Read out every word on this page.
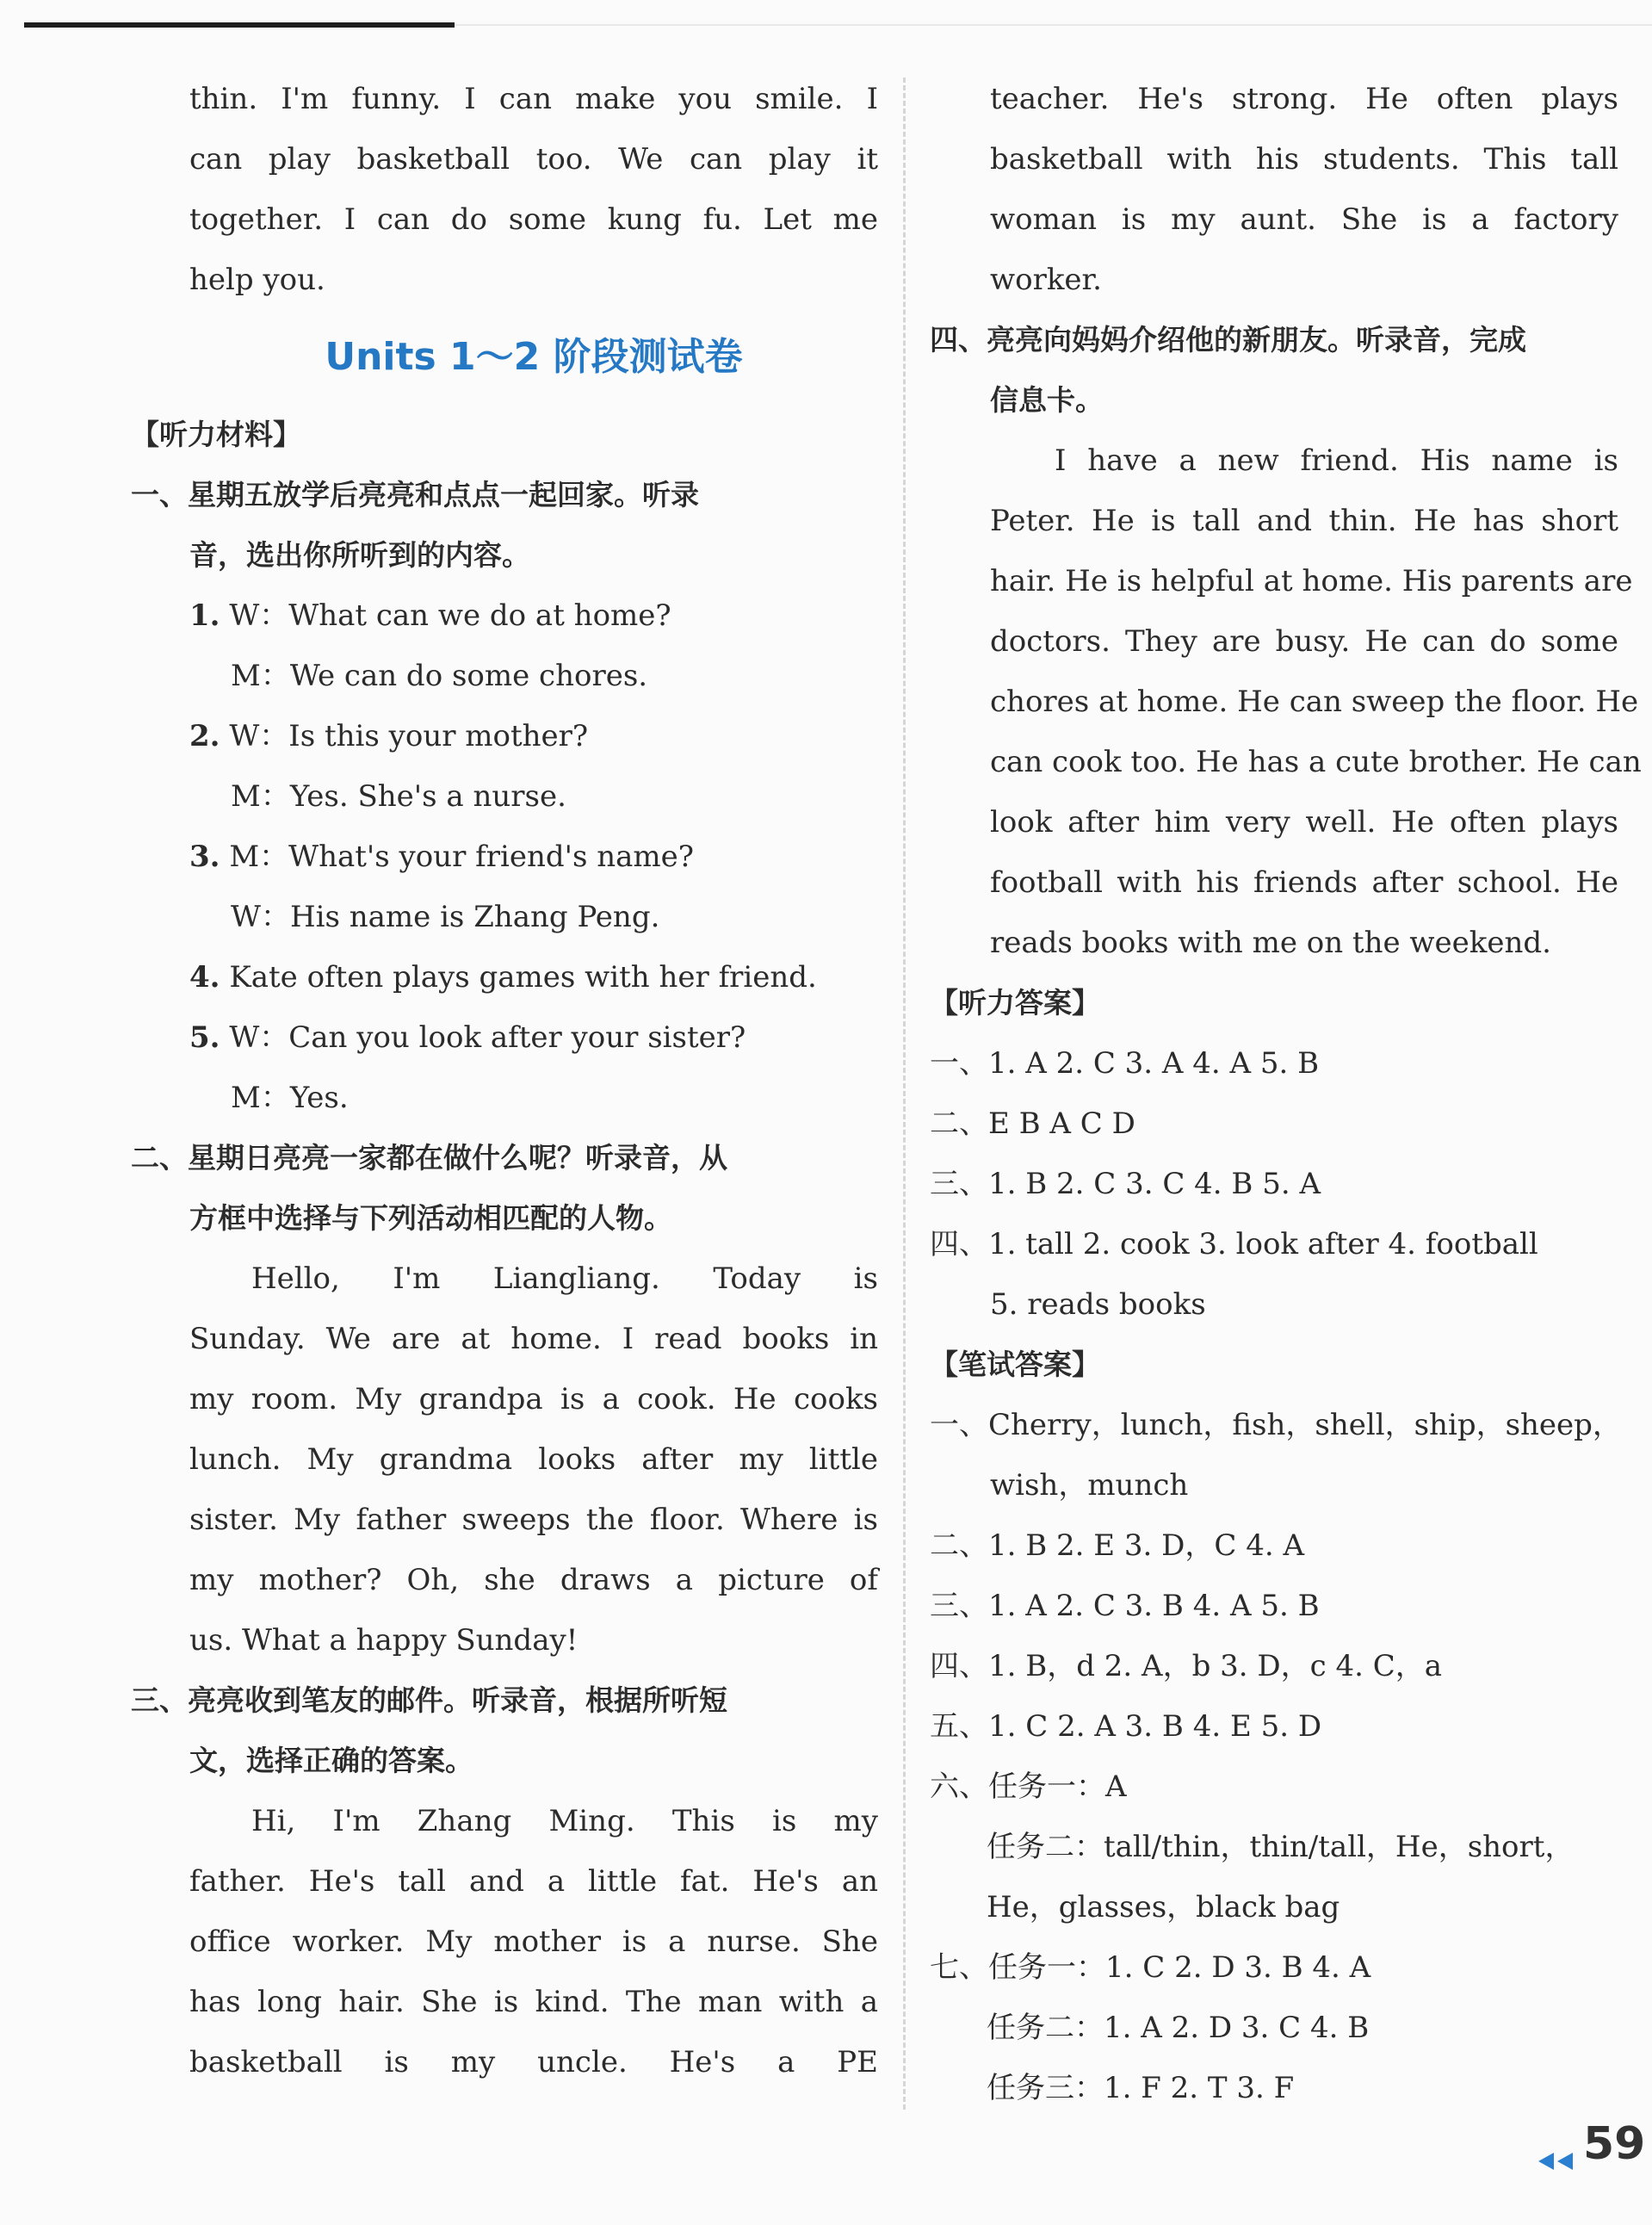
thin. I'm funny. I can make you smile. I
can play basketball too. We can play it
together. I can do some kung fu. Let me
help you.
Units 1～2 阶段测试卷
【听力材料】
一、星期五放学后亮亮和点点一起回家。听录
音，选出你所听到的内容。
1. W：What can we do at home?
M：We can do some chores.
2. W：Is this your mother?
M：Yes. She's a nurse.
3. M：What's your friend's name?
W：His name is Zhang Peng.
4. Kate often plays games with her friend.
5. W：Can you look after your sister?
M：Yes.
二、星期日亮亮一家都在做什么呢？听录音，从
方框中选择与下列活动相匹配的人物。
Hello, I'm Liangliang. Today is
Sunday. We are at home. I read books in
my room. My grandpa is a cook. He cooks
lunch. My grandma looks after my little
sister. My father sweeps the floor. Where is
my mother? Oh, she draws a picture of
us. What a happy Sunday!
三、亮亮收到笔友的邮件。听录音，根据所听短
文，选择正确的答案。
Hi, I'm Zhang Ming. This is my
father. He's tall and a little fat. He's an
office worker. My mother is a nurse. She
has long hair. She is kind. The man with a
basketball is my uncle. He's a PE
teacher. He's strong. He often plays
basketball with his students. This tall
woman is my aunt. She is a factory
worker.
四、亮亮向妈妈介绍他的新朋友。听录音，完成
信息卡。
I have a new friend. His name is
Peter. He is tall and thin. He has short
hair. He is helpful at home. His parents are
doctors. They are busy. He can do some
chores at home. He can sweep the floor. He
can cook too. He has a cute brother. He can
look after him very well. He often plays
football with his friends after school. He
reads books with me on the weekend.
【听力答案】
一、1. A 2. C 3. A 4. A 5. B
二、E B A C D
三、1. B 2. C 3. C 4. B 5. A
四、1. tall 2. cook 3. look after 4. football
5. reads books
【笔试答案】
一、Cherry，lunch，fish，shell，ship，sheep，
wish，munch
二、1. B 2. E 3. D，C 4. A
三、1. A 2. C 3. B 4. A 5. B
四、1. B，d 2. A，b 3. D，c 4. C，a
五、1. C 2. A 3. B 4. E 5. D
六、任务一：A
任务二：tall/thin，thin/tall，He，short，
He，glasses，black bag
七、任务一：1. C 2. D 3. B 4. A
任务二：1. A 2. D 3. C 4. B
任务三：1. F 2. T 3. F
59
